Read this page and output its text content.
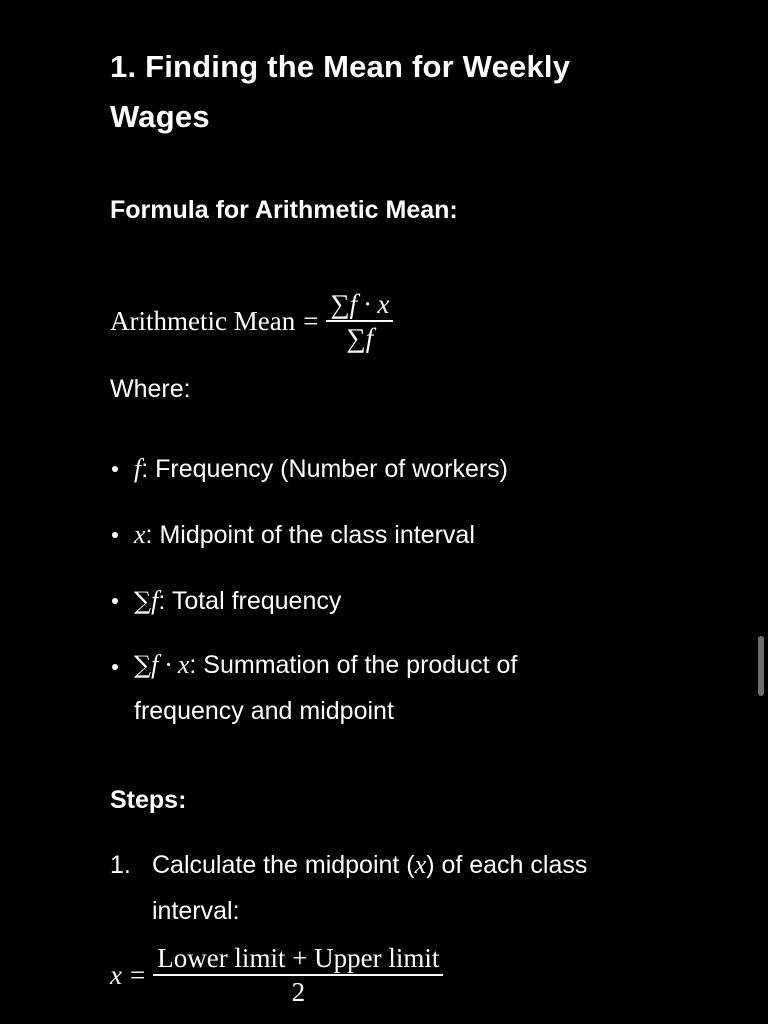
1. Finding the Mean for Weekly

Wages

Formula for Arithmetic Mean:

Arithmetic Mean = $\frac{\sum f \cdot x}{\sum f}$

Where:

f: Frequency (Number of workers)
x: Midpoint of the class interval
∑f: Total frequency
∑f · x: Summation of the product of
frequency and midpoint

Steps:

1. Calculate the midpoint (x) of each class
interval:
$x = \frac{\text{Lower limit + Upper limit}}{2}$
